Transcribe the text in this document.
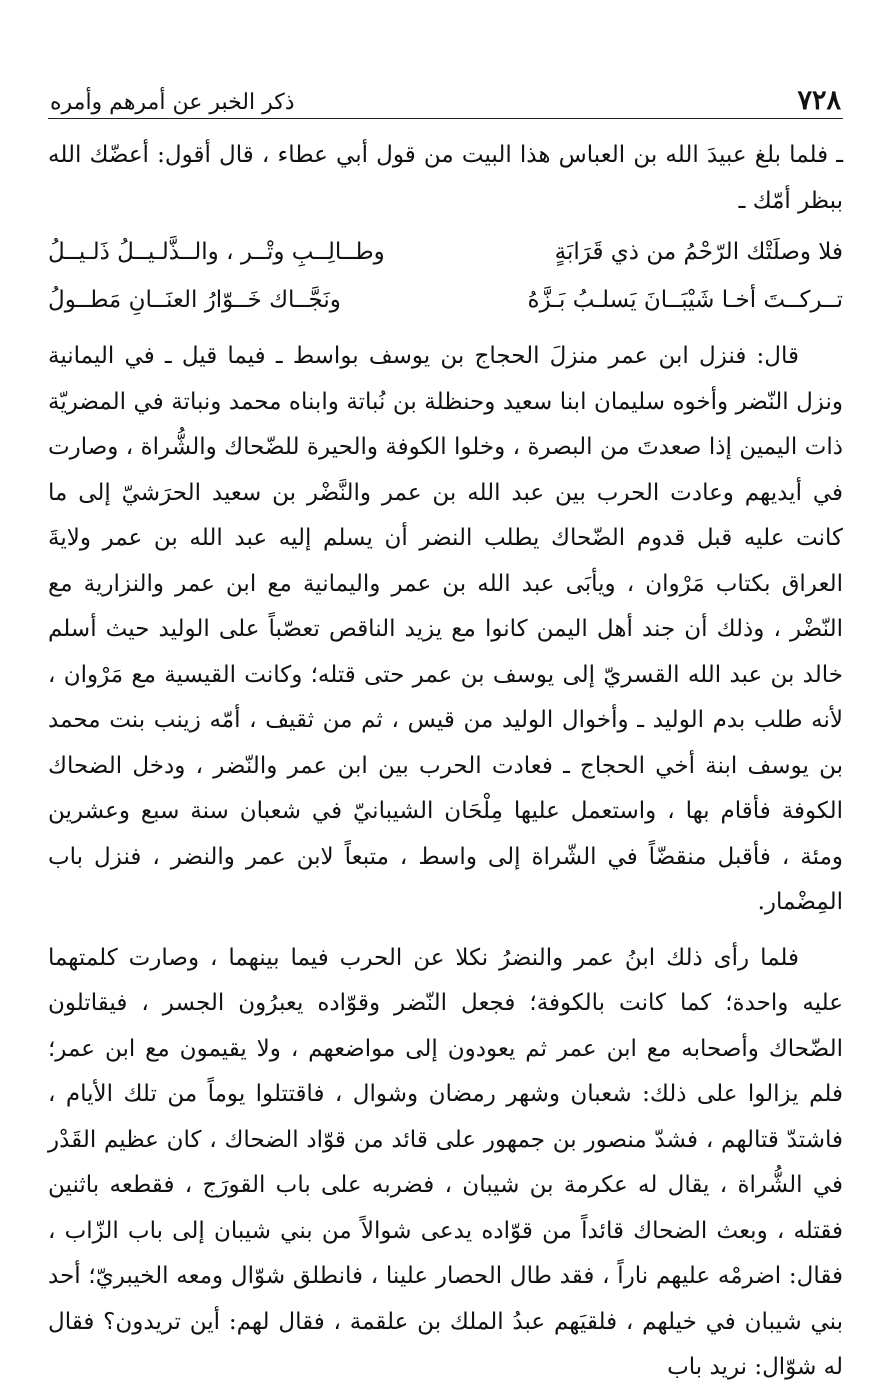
٧٢٨
ذكر الخبر عن أمرهم وأمره

ـ فلما بلغ عبيدَ الله بن العباس هذا البيت من قول أبي عطاء ، قال أقول: أعضّك الله ببظر أمّك ـ

فلا وصلَتْك الرّحْمُ من ذي قَرَابَةٍ
وطــالِــبِ وتْــر ، والــذَّلـيــلُ ذَلـيــلُ
تــركــتَ أخـا شَيْبَــانَ يَسلـبُ بَـزَّهُ
ونَجَّــاك خَــوّارُ العنَــانِ مَطــولُ

قال: فنزل ابن عمر منزلَ الحجاج بن يوسف بواسط ـ فيما قيل ـ في اليمانية ونزل النّضر وأخوه سليمان ابنا سعيد وحنظلة بن نُباتة وابناه محمد ونباتة في المضريّة ذات اليمين إذا صعدتَ من البصرة ، وخلوا الكوفة والحيرة للضّحاك والشُّراة ، وصارت في أيديهم وعادت الحرب بين عبد الله بن عمر والنَّضْر بن سعيد الحرَشيّ إلى ما كانت عليه قبل قدوم الضّحاك يطلب النضر أن يسلم إليه عبد الله بن عمر ولايةَ العراق بكتاب مَرْوان ، ويأبَى عبد الله بن عمر واليمانية مع ابن عمر والنزارية مع النّضْر ، وذلك أن جند أهل اليمن كانوا مع يزيد الناقص تعصّباً على الوليد حيث أسلم خالد بن عبد الله القسريّ إلى يوسف بن عمر حتى قتله؛ وكانت القيسية مع مَرْوان ، لأنه طلب بدم الوليد ـ وأخوال الوليد من قيس ، ثم من ثقيف ، أمّه زينب بنت محمد بن يوسف ابنة أخي الحجاج ـ فعادت الحرب بين ابن عمر والنّضر ، ودخل الضحاك الكوفة فأقام بها ، واستعمل عليها مِلْحَان الشيبانيّ في شعبان سنة سبع وعشرين ومئة ، فأقبل منقضّاً في الشّراة إلى واسط ، متبعاً لابن عمر والنضر ، فنزل باب المِضْمار.

فلما رأى ذلك ابنُ عمر والنضرُ نكلا عن الحرب فيما بينهما ، وصارت كلمتهما عليه واحدة؛ كما كانت بالكوفة؛ فجعل النّضر وقوّاده يعبرُون الجسر ، فيقاتلون الضّحاك وأصحابه مع ابن عمر ثم يعودون إلى مواضعهم ، ولا يقيمون مع ابن عمر؛ فلم يزالوا على ذلك: شعبان وشهر رمضان وشوال ، فاقتتلوا يوماً من تلك الأيام ، فاشتدّ قتالهم ، فشدّ منصور بن جمهور على قائد من قوّاد الضحاك ، كان عظيم القَدْر في الشُّراة ، يقال له عكرمة بن شيبان ، فضربه على باب القورَج ، فقطعه باثنين فقتله ، وبعث الضحاك قائداً من قوّاده يدعى شوالاً من بني شيبان إلى باب الزّاب ، فقال: اضرمْه عليهم ناراً ، فقد طال الحصار علينا ، فانطلق شوّال ومعه الخيبريّ؛ أحد بني شيبان في خيلهم ، فلقيَهم عبدُ الملك بن علقمة ، فقال لهم: أين تريدون؟ فقال له شوّال: نريد باب
